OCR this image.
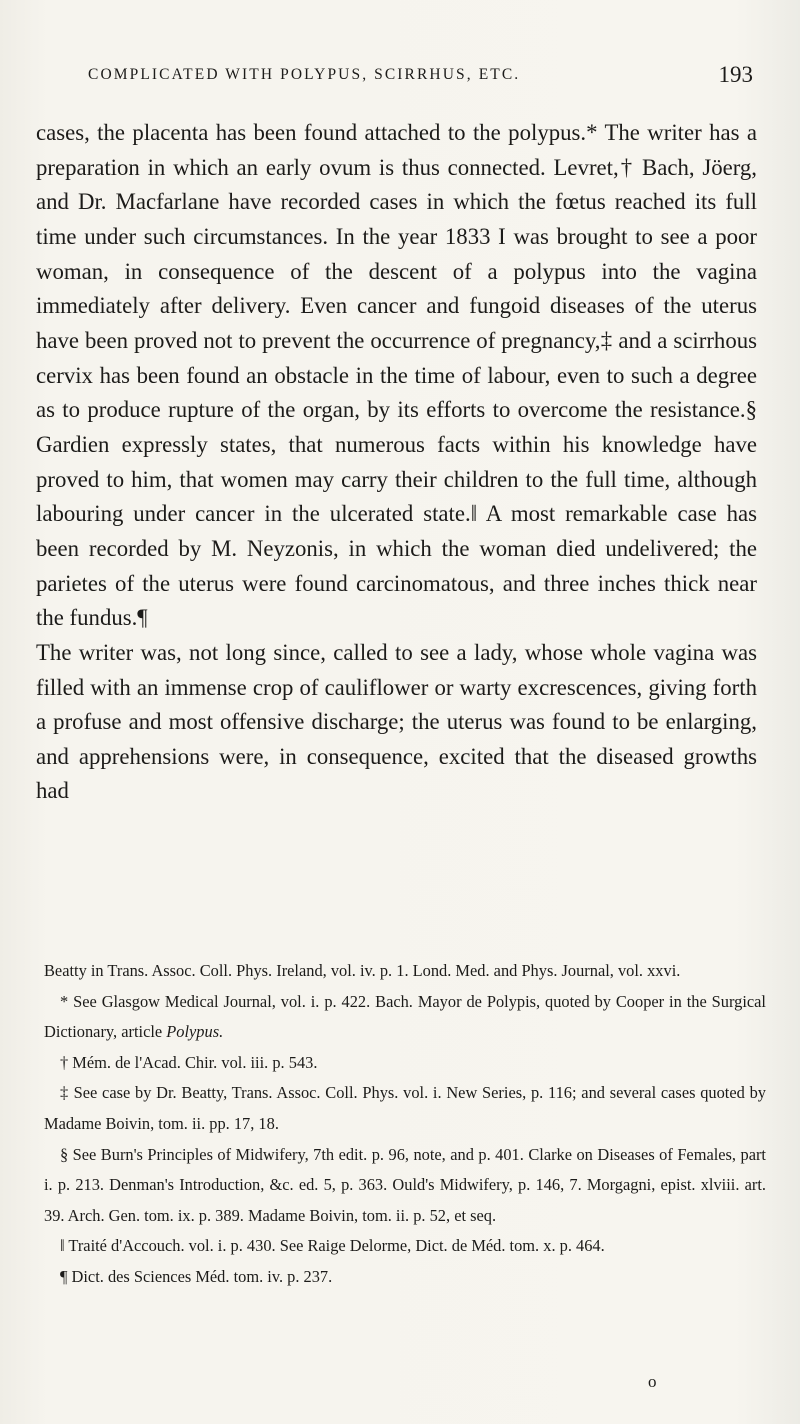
COMPLICATED WITH POLYPUS, SCIRRHUS, ETC.	193

cases, the placenta has been found attached to the polypus.* The writer has a preparation in which an early ovum is thus connected. Levret,† Bach, Jöerg, and Dr. Macfarlane have recorded cases in which the fœtus reached its full time under such circumstances. In the year 1833 I was brought to see a poor woman, in consequence of the descent of a polypus into the vagina immediately after delivery. Even cancer and fungoid diseases of the uterus have been proved not to prevent the occurrence of pregnancy,‡ and a scirrhous cervix has been found an obstacle in the time of labour, even to such a degree as to produce rupture of the organ, by its efforts to overcome the resistance.§ Gardien expressly states, that numerous facts within his knowledge have proved to him, that women may carry their children to the full time, although labouring under cancer in the ulcerated state.‖ A most remarkable case has been recorded by M. Neyzonis, in which the woman died undelivered; the parietes of the uterus were found carcinomatous, and three inches thick near the fundus.¶

The writer was, not long since, called to see a lady, whose whole vagina was filled with an immense crop of cauliflower or warty excrescences, giving forth a profuse and most offensive discharge; the uterus was found to be enlarging, and apprehensions were, in consequence, excited that the diseased growths had

Beatty in Trans. Assoc. Coll. Phys. Ireland, vol. iv. p. 1. Lond. Med. and Phys. Journal, vol. xxvi.

* See Glasgow Medical Journal, vol. i. p. 422. Bach. Mayor de Polypis, quoted by Cooper in the Surgical Dictionary, article Polypus.

† Mém. de l'Acad. Chir. vol. iii. p. 543.

‡ See case by Dr. Beatty, Trans. Assoc. Coll. Phys. vol. i. New Series, p. 116; and several cases quoted by Madame Boivin, tom. ii. pp. 17, 18.

§ See Burn's Principles of Midwifery, 7th edit. p. 96, note, and p. 401. Clarke on Diseases of Females, part i. p. 213. Denman's Introduction, &c. ed. 5, p. 363. Ould's Midwifery, p. 146, 7. Morgagni, epist. xlviii. art. 39. Arch. Gen. tom. ix. p. 389. Madame Boivin, tom. ii. p. 52, et seq.

‖ Traité d'Accouch. vol. i. p. 430. See Raige Delorme, Dict. de Méd. tom. x. p. 464.

¶ Dict. des Sciences Méd. tom. iv. p. 237.

o
